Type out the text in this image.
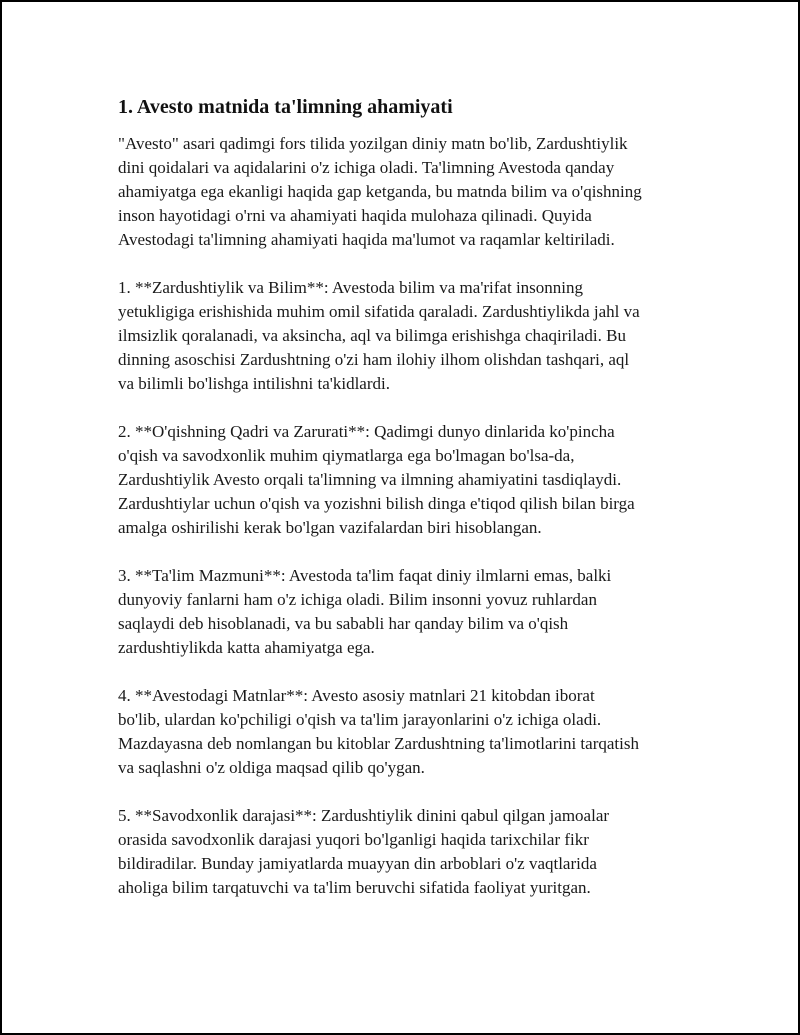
1. Avesto matnida ta'limning ahamiyati
"Avesto" asari qadimgi fors tilida yozilgan diniy matn bo'lib, Zardushtiylik
dini qoidalari va aqidalarini o'z ichiga oladi. Ta'limning Avestoda qanday
ahamiyatga ega ekanligi haqida gap ketganda, bu matnda bilim va o'qishning
inson hayotidagi o'rni va ahamiyati haqida mulohaza qilinadi. Quyida
Avestodagi ta'limning ahamiyati haqida ma'lumot va raqamlar keltiriladi.
1. **Zardushtiylik va Bilim**: Avestoda bilim va ma'rifat insonning
yetukligiga erishishida muhim omil sifatida qaraladi. Zardushtiylikda jahl va
ilmsizlik qoralanadi, va aksincha, aql va bilimga erishishga chaqiriladi. Bu
dinning asoschisi Zardushtning o'zi ham ilohiy ilhom olishdan tashqari, aql
va bilimli bo'lishga intilishni ta'kidlardi.
2. **O'qishning Qadri va Zarurati**: Qadimgi dunyo dinlarida ko'pincha
o'qish va savodxonlik muhim qiymatlarga ega bo'lmagan bo'lsa-da,
Zardushtiylik Avesto orqali ta'limning va ilmning ahamiyatini tasdiqlaydi.
Zardushtiylar uchun o'qish va yozishni bilish dinga e'tiqod qilish bilan birga
amalga oshirilishi kerak bo'lgan vazifalardan biri hisoblangan.
3. **Ta'lim Mazmuni**: Avestoda ta'lim faqat diniy ilmlarni emas, balki
dunyoviy fanlarni ham o'z ichiga oladi. Bilim insonni yovuz ruhlardan
saqlaydi deb hisoblanadi, va bu sababli har qanday bilim va o'qish
zardushtiylikda katta ahamiyatga ega.
4. **Avestodagi Matnlar**: Avesto asosiy matnlari 21 kitobdan iborat
bo'lib, ulardan ko'pchiligi o'qish va ta'lim jarayonlarini o'z ichiga oladi.
Mazdayasna deb nomlangan bu kitoblar Zardushtning ta'limotlarini tarqatish
va saqlashni o'z oldiga maqsad qilib qo'ygan.
5. **Savodxonlik darajasi**: Zardushtiylik dinini qabul qilgan jamoalar
orasida savodxonlik darajasi yuqori bo'lganligi haqida tarixchilar fikr
bildiradilar. Bunday jamiyatlarda muayyan din arboblari o'z vaqtlarida
aholiga bilim tarqatuvchi va ta'lim beruvchi sifatida faoliyat yuritgan.
